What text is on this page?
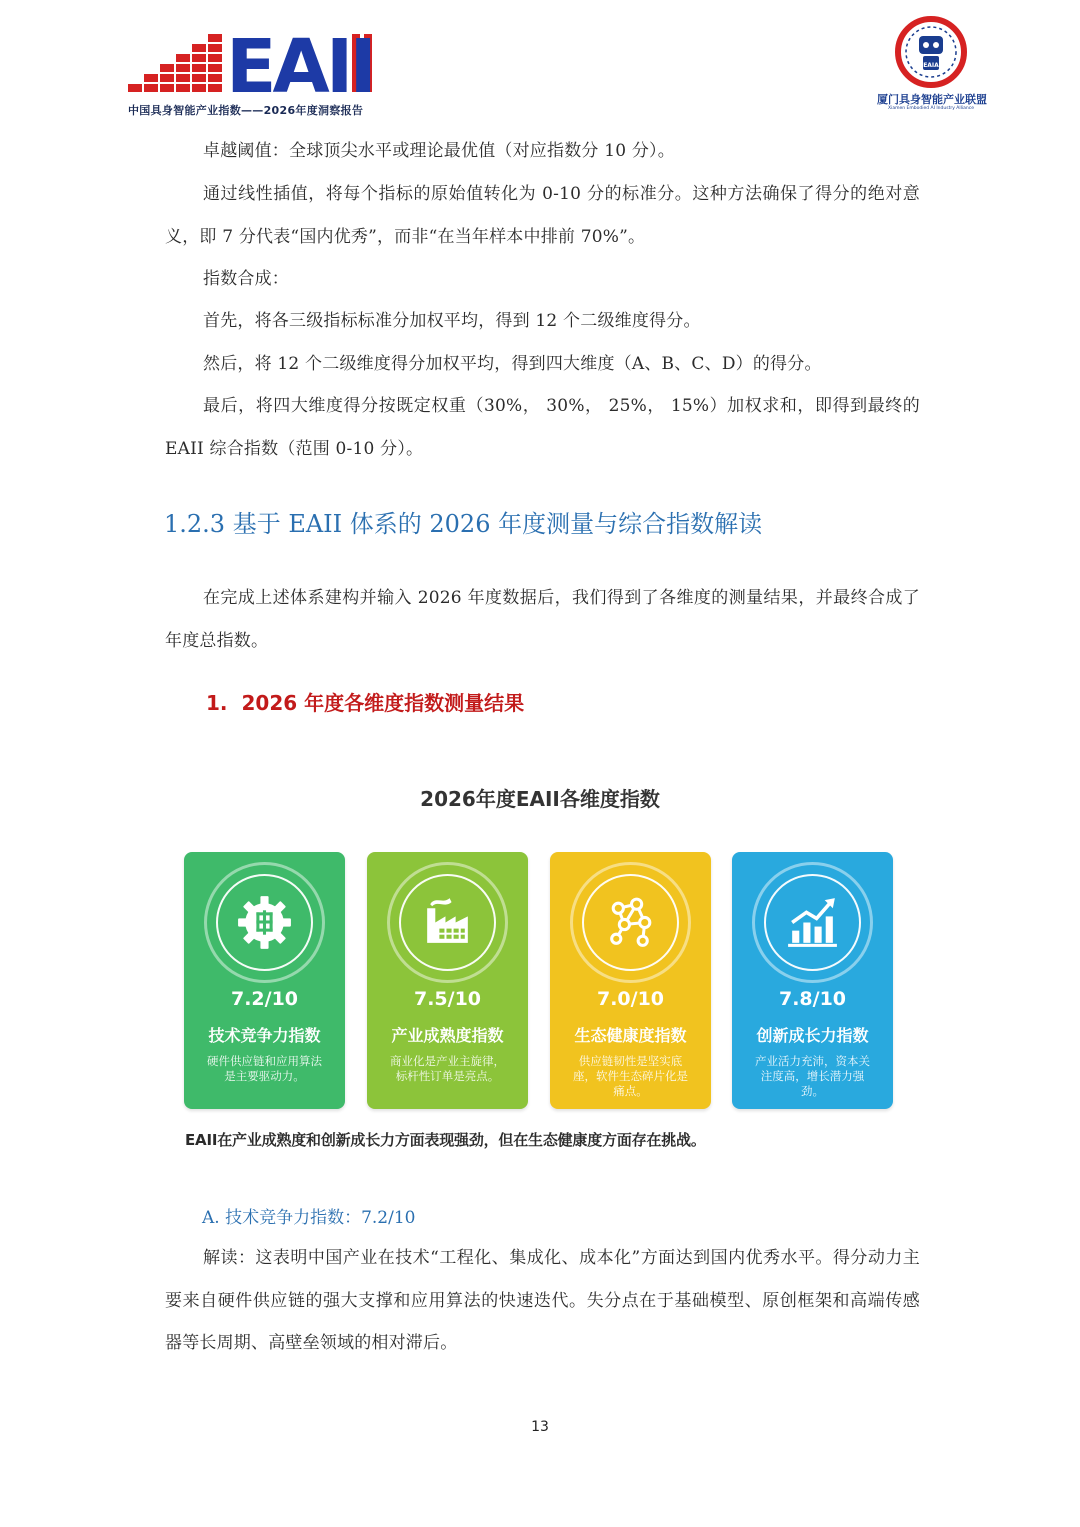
EAII
中国具身智能产业指数——2026年度洞察报告
EAIA
厦门具身智能产业联盟
Xiamen Embodied AI Industry Alliance

卓越阈值：全球顶尖水平或理论最优值（对应指数分 10 分）。

通过线性插值，将每个指标的原始值转化为 0-10 分的标准分。这种方法确保了得分的绝对意义，即 7 分代表“国内优秀”，而非“在当年样本中排前 70%”。

指数合成：

首先，将各三级指标标准分加权平均，得到 12 个二级维度得分。

然后，将 12 个二级维度得分加权平均，得到四大维度（A、B、C、D）的得分。

最后，将四大维度得分按既定权重（30%， 30%， 25%， 15%）加权求和，即得到最终的 EAII 综合指数（范围 0-10 分）。

1.2.3 基于 EAII 体系的 2026 年度测量与综合指数解读

在完成上述体系建构并输入 2026 年度数据后，我们得到了各维度的测量结果，并最终合成了年度总指数。

1. 2026 年度各维度指数测量结果
2026年度EAII各维度指数
7.2/10
技术竞争力指数
硬件供应链和应用算法是主要驱动力。
7.5/10
产业成熟度指数
商业化是产业主旋律，标杆性订单是亮点。
7.0/10
生态健康度指数
供应链韧性是坚实底座，软件生态碎片化是痛点。
7.8/10
创新成长力指数
产业活力充沛，资本关注度高，增长潜力强劲。
EAII在产业成熟度和创新成长力方面表现强劲，但在生态健康度方面存在挑战。
A. 技术竞争力指数：7.2/10

解读：这表明中国产业在技术“工程化、集成化、成本化”方面达到国内优秀水平。得分动力主要来自硬件供应链的强大支撑和应用算法的快速迭代。失分点在于基础模型、原创框架和高端传感器等长周期、高壁垒领域的相对滞后。

13
